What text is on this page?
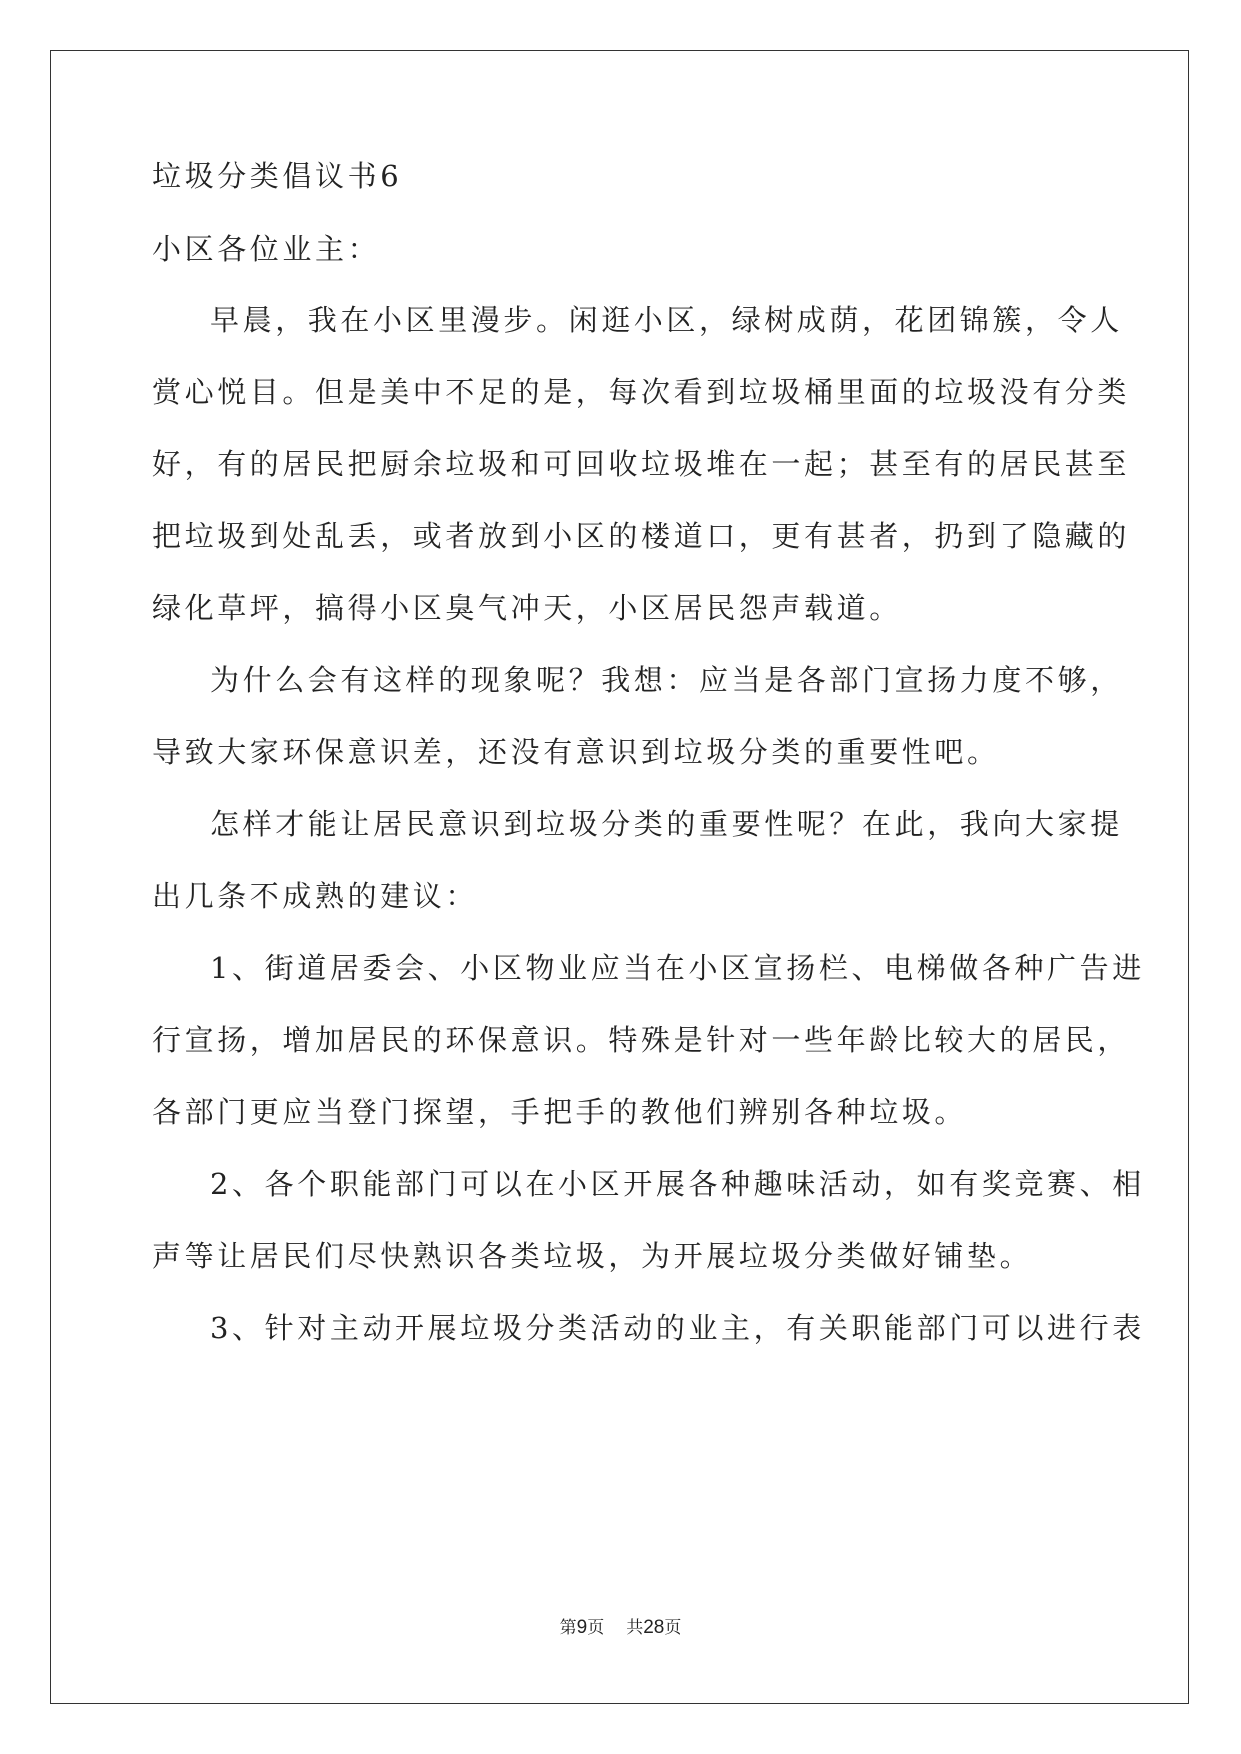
垃圾分类倡议书6
小区各位业主：
早晨，我在小区里漫步。闲逛小区，绿树成荫，花团锦簇，令人
赏心悦目。但是美中不足的是，每次看到垃圾桶里面的垃圾没有分类
好，有的居民把厨余垃圾和可回收垃圾堆在一起；甚至有的居民甚至
把垃圾到处乱丢，或者放到小区的楼道口，更有甚者，扔到了隐藏的
绿化草坪，搞得小区臭气冲天，小区居民怨声载道。
为什么会有这样的现象呢？我想：应当是各部门宣扬力度不够，
导致大家环保意识差，还没有意识到垃圾分类的重要性吧。
怎样才能让居民意识到垃圾分类的重要性呢？在此，我向大家提
出几条不成熟的建议：
1、街道居委会、小区物业应当在小区宣扬栏、电梯做各种广告进
行宣扬，增加居民的环保意识。特殊是针对一些年龄比较大的居民，
各部门更应当登门探望，手把手的教他们辨别各种垃圾。
2、各个职能部门可以在小区开展各种趣味活动，如有奖竞赛、相
声等让居民们尽快熟识各类垃圾，为开展垃圾分类做好铺垫。
3、针对主动开展垃圾分类活动的业主，有关职能部门可以进行表
第9页 共28页
